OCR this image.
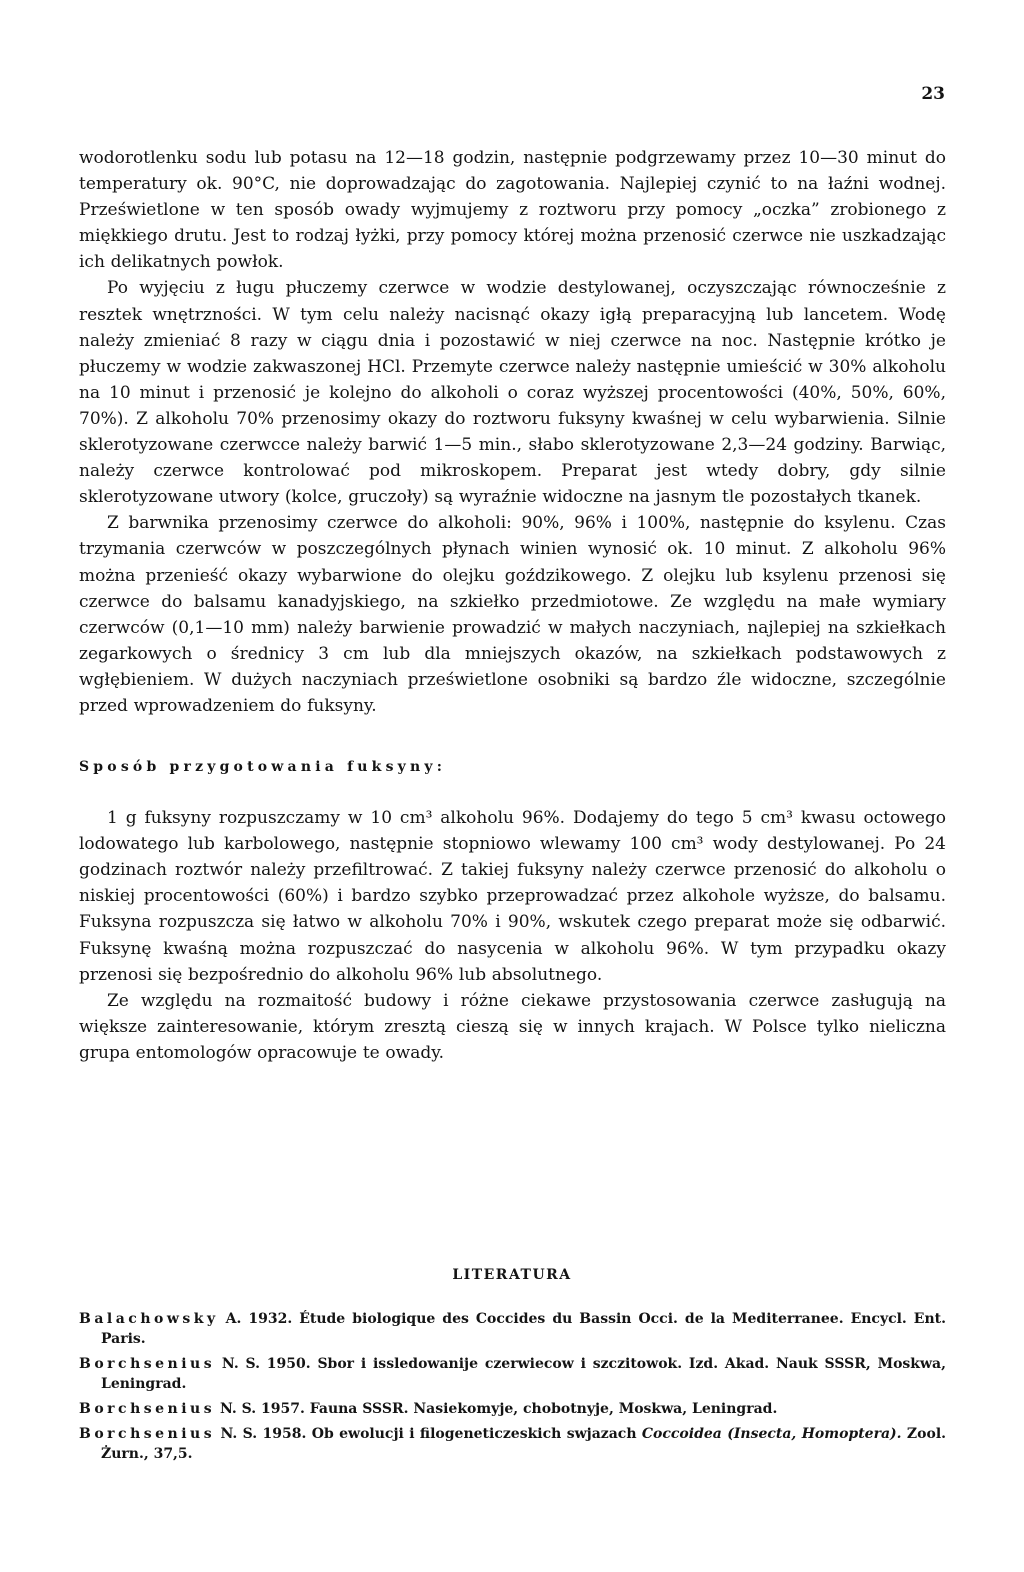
23

wodorotlenku sodu lub potasu na 12—18 godzin, następnie podgrzewamy przez 10—30 minut do temperatury ok. 90°C, nie doprowadzając do zagotowania. Najlepiej czynić to na łaźni wodnej. Prześwietlone w ten sposób owady wyjmujemy z roztworu przy pomocy „oczka” zrobionego z miękkiego drutu. Jest to rodzaj łyżki, przy pomocy której można przenosić czerwce nie uszkadzając ich delikatnych powłok.

Po wyjęciu z ługu płuczemy czerwce w wodzie destylowanej, oczyszczając równocześnie z resztek wnętrzności. W tym celu należy nacisnąć okazy igłą preparacyjną lub lancetem. Wodę należy zmieniać 8 razy w ciągu dnia i pozostawić w niej czerwce na noc. Następnie krótko je płuczemy w wodzie zakwaszonej HCl. Przemyte czerwce należy następnie umieścić w 30% alkoholu na 10 minut i przenosić je kolejno do alkoholi o coraz wyższej procentowości (40%, 50%, 60%, 70%). Z alkoholu 70% przenosimy okazy do roztworu fuksyny kwaśnej w celu wybarwienia. Silnie sklerotyzowane czerwcce należy barwić 1—5 min., słabo sklerotyzowane 2,3—24 godziny. Barwiąc, należy czerwce kontrolować pod mikroskopem. Preparat jest wtedy dobry, gdy silnie sklerotyzowane utwory (kolce, gruczoły) są wyraźnie widoczne na jasnym tle pozostałych tkanek.

Z barwnika przenosimy czerwce do alkoholi: 90%, 96% i 100%, następnie do ksylenu. Czas trzymania czerwców w poszczególnych płynach winien wynosić ok. 10 minut. Z alkoholu 96% można przenieść okazy wybarwione do olejku goździkowego. Z olejku lub ksylenu przenosi się czerwce do balsamu kanadyjskiego, na szkiełko przedmiotowe. Ze względu na małe wymiary czerwców (0,1—10 mm) należy barwienie prowadzić w małych naczyniach, najlepiej na szkiełkach zegarkowych o średnicy 3 cm lub dla mniejszych okazów, na szkiełkach podstawowych z wgłębieniem. W dużych naczyniach prześwietlone osobniki są bardzo źle widoczne, szczególnie przed wprowadzeniem do fuksyny.

Sposób przygotowania fuksyny:

1 g fuksyny rozpuszczamy w 10 cm³ alkoholu 96%. Dodajemy do tego 5 cm³ kwasu octowego lodowatego lub karbolowego, następnie stopniowo wlewamy 100 cm³ wody destylowanej. Po 24 godzinach roztwór należy przefiltrować. Z takiej fuksyny należy czerwce przenosić do alkoholu o niskiej procentowości (60%) i bardzo szybko przeprowadzać przez alkohole wyższe, do balsamu. Fuksyna rozpuszcza się łatwo w alkoholu 70% i 90%, wskutek czego preparat może się odbarwić. Fuksynę kwaśną można rozpuszczać do nasycenia w alkoholu 96%. W tym przypadku okazy przenosi się bezpośrednio do alkoholu 96% lub absolutnego.

Ze względu na rozmaitość budowy i różne ciekawe przystosowania czerwce zasługują na większe zainteresowanie, którym zresztą cieszą się w innych krajach. W Polsce tylko nieliczna grupa entomologów opracowuje te owady.

LITERATURA

Balachowsky A. 1932. Étude biologique des Coccides du Bassin Occi. de la Mediterranee. Encycl. Ent. Paris.

Borchsenius N. S. 1950. Sbor i issledowanije czerwiecow i szczitowok. Izd. Akad. Nauk SSSR, Moskwa, Leningrad.

Borchsenius N. S. 1957. Fauna SSSR. Nasiekomyje, chobotnyje, Moskwa, Leningrad.

Borchsenius N. S. 1958. Ob ewolucji i filogeneticzeskich swjazach Coccoidea (Insecta, Homoptera). Zool. Żurn., 37,5.
